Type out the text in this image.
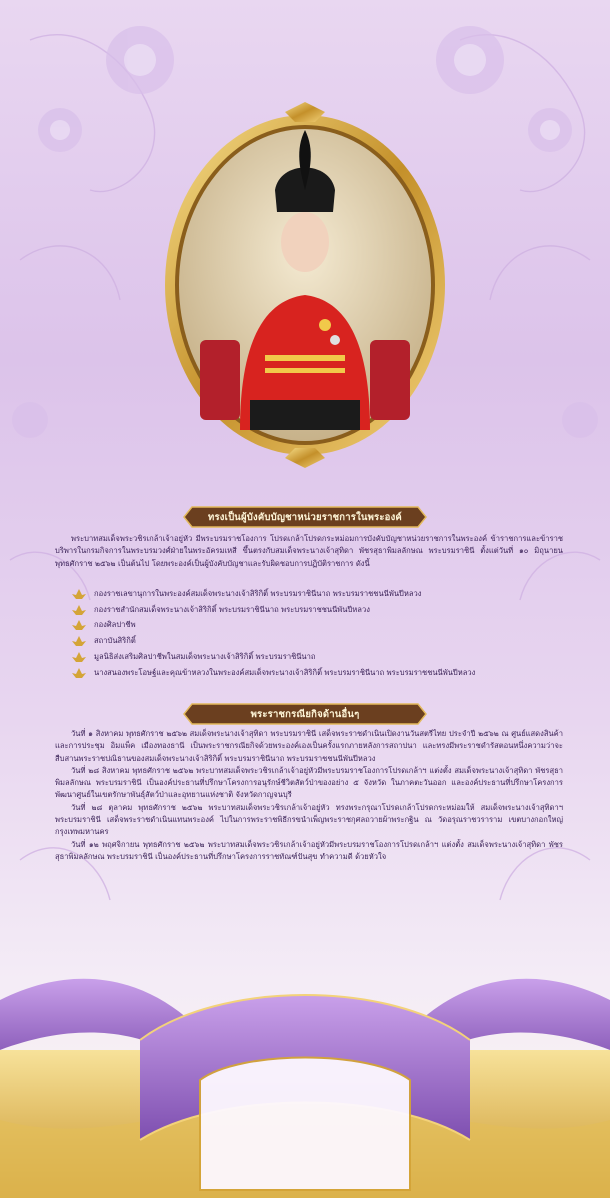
ทรงเป็นผู้บังคับบัญชาหน่วยราชการในพระองค์

พระบาทสมเด็จพระวชิรเกล้าเจ้าอยู่หัว มีพระบรมราชโองการ โปรดเกล้าโปรดกระหม่อมการบังคับบัญชาหน่วยราชการในพระองค์ ข้าราชการและข้าราชบริพารในกรมกิจการในพระบรมวงศ์ฝ่ายในพระอัครมเหสี ขึ้นตรงกับสมเด็จพระนางเจ้าสุทิดา พัชรสุธาพิมลลักษณ พระบรมราชินี ตั้งแต่วันที่ ๑๐ มิถุนายน พุทธศักราช ๒๕๖๒ เป็นต้นไป โดยพระองค์เป็นผู้บังคับบัญชาและรับผิดชอบการปฏิบัติราชการ ดังนี้

กองราชเลขานุการในพระองค์สมเด็จพระนางเจ้าสิริกิติ์ พระบรมราชินีนาถ พระบรมราชชนนีพันปีหลวง
กองราชสำนักสมเด็จพระนางเจ้าสิริกิติ์ พระบรมราชินีนาถ พระบรมราชชนนีพันปีหลวง
กองศิลปาชีพ
สถาบันสิริกิติ์
มูลนิธิส่งเสริมศิลปาชีพในสมเด็จพระนางเจ้าสิริกิติ์ พระบรมราชินีนาถ
นางสนองพระโอษฐ์และคุณข้าหลวงในพระองค์สมเด็จพระนางเจ้าสิริกิติ์ พระบรมราชินีนาถ พระบรมราชชนนีพันปีหลวง
พระราชกรณียกิจด้านอื่นๆ

วันที่ ๑ สิงหาคม พุทธศักราช ๒๕๖๒ สมเด็จพระนางเจ้าสุทิดา พระบรมราชินี เสด็จพระราชดำเนินเปิดงานวันสตรีไทย ประจำปี ๒๕๖๒ ณ ศูนย์แสดงสินค้าและการประชุม อิมแพ็ค เมืองทองธานี เป็นพระราชกรณียกิจด้วยพระองค์เองเป็นครั้งแรกภายหลังการสถาปนา และทรงมีพระราชดำรัสตอนหนึ่งความว่าจะสืบสานพระราชปณิธานของสมเด็จพระนางเจ้าสิริกิติ์ พระบรมราชินีนาถ พระบรมราชชนนีพันปีหลวง

วันที่ ๒๘ สิงหาคม พุทธศักราช ๒๕๖๒ พระบาทสมเด็จพระวชิรเกล้าเจ้าอยู่หัวมีพระบรมราชโองการโปรดเกล้าฯ แต่งตั้ง สมเด็จพระนางเจ้าสุทิดา พัชรสุธาพิมลลักษณ พระบรมราชินี เป็นองค์ประธานที่ปรึกษาโครงการอนุรักษ์ชีวิตสัตว์ป่าของอย่าง ๕ จังหวัด ในภาคตะวันออก และองค์ประธานที่ปรึกษาโครงการพัฒนาศูนย์ในเขตรักษาพันธุ์สัตว์ป่าและอุทยานแห่งชาติ จังหวัดกาญจนบุรี

วันที่ ๒๘ ตุลาคม พุทธศักราช ๒๕๖๒ พระบาทสมเด็จพระวชิรเกล้าเจ้าอยู่หัว ทรงพระกรุณาโปรดเกล้าโปรดกระหม่อมให้ สมเด็จพระนางเจ้าสุทิดาฯ พระบรมราชินี เสด็จพระราชดำเนินแทนพระองค์ ไปในการพระราชพิธีกรขนำเพ็ญพระราชกุศลถวายผ้าพระกฐิน ณ วัดอรุณราชวราราม เขตบางกอกใหญ่ กรุงเทพมหานคร

วันที่ ๑๒ พฤศจิกายน พุทธศักราช ๒๕๖๒ พระบาทสมเด็จพระวชิรเกล้าเจ้าอยู่หัวมีพระบรมราชโองการโปรดเกล้าฯ แต่งตั้ง สมเด็จพระนางเจ้าสุทิดา พัชรสุธาพิมลลักษณ พระบรมราชินี เป็นองค์ประธานที่ปรึกษาโครงการราชทัณฑ์ปันสุข ทำความดี ด้วยหัวใจ
